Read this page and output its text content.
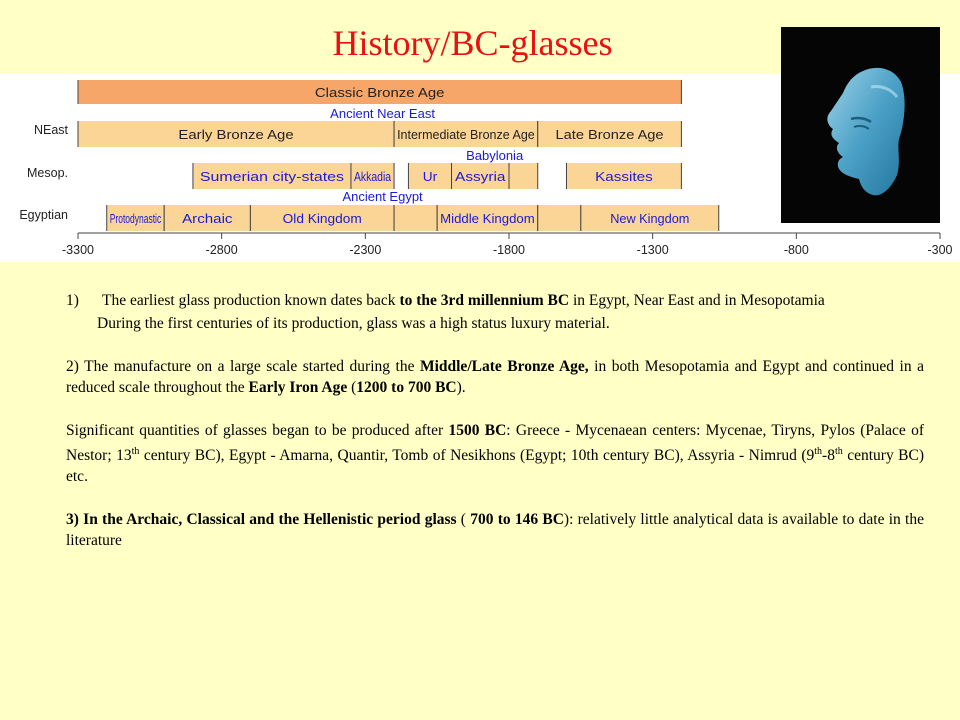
History/BC-glasses
Classic Bronze Age
Early Bronze Age	Intermediate Bronze Age Late Bronze Age
Sumerian city-states Akkadia Ur Assyria	Kassites
Protodynastic Archaic	Old Kingdom	Middle Kingdom	New Kingdom
Ancient Near East
Babylonia
Ancient Egypt
NEast
Mesop.
Egyptian
-3300	-2800	-2300	-1800	-1300	-800	-300
1)	The earliest glass production known dates back to the 3rd millennium BC in Egypt, Near East and in Mesopotamia
During the first centuries of its production, glass was a high status luxury material.
2) The manufacture on a large scale started during the Middle/Late Bronze Age, in both Mesopotamia and Egypt and continued in a reduced scale throughout the Early Iron Age (1200 to 700 BC).
Significant quantities of glasses began to be produced after 1500 BC: Greece - Mycenaean centers: Mycenae, Tiryns, Pylos (Palace of Nestor; 13th century BC), Egypt - Amarna, Quantir, Tomb of Nesikhons (Egypt; 10th century BC), Assyria - Nimrud (9th-8th century BC) etc.
3) In the Archaic, Classical and the Hellenistic period glass ( 700 to 146 BC): relatively little analytical data is available to date in the literature
